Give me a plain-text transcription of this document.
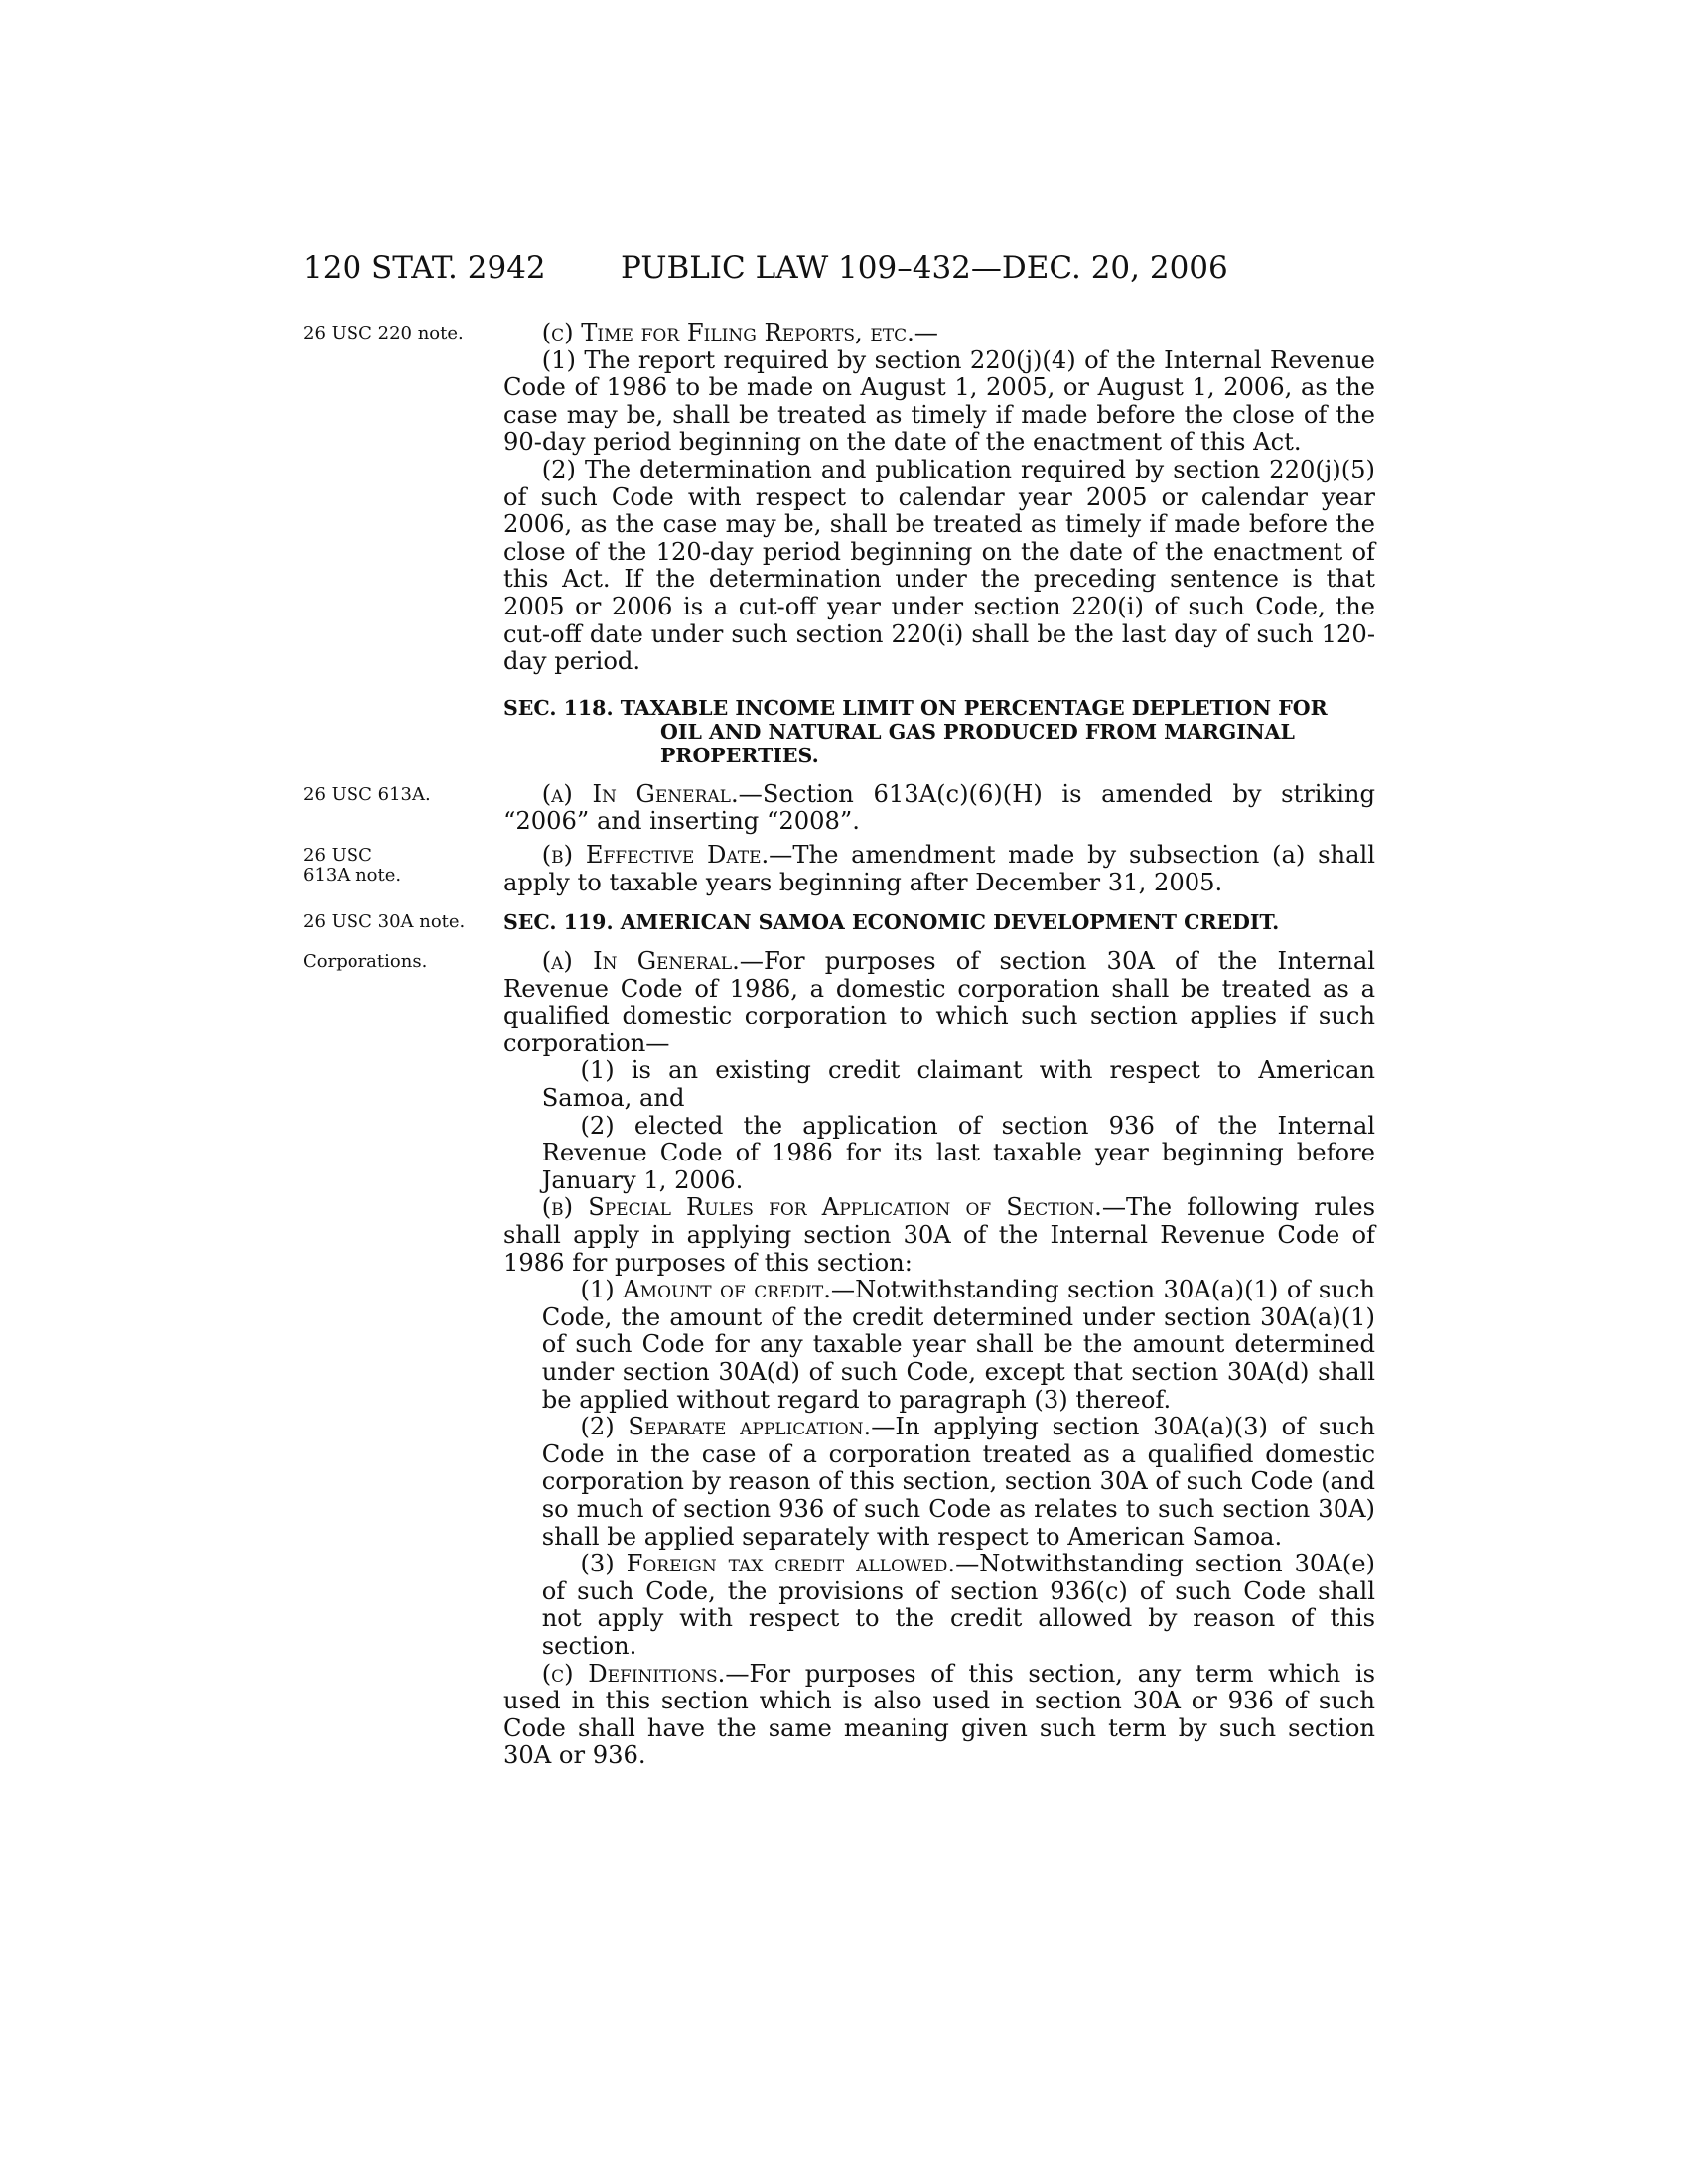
120 STAT. 2942 PUBLIC LAW 109–432—DEC. 20, 2006
26 USC 220 note.	(c) Time for Filing Reports, etc.—

(1) The report required by section 220(j)(4) of the Internal Revenue Code of 1986 to be made on August 1, 2005, or August 1, 2006, as the case may be, shall be treated as timely if made before the close of the 90-day period beginning on the date of the enactment of this Act.

(2) The determination and publication required by section 220(j)(5) of such Code with respect to calendar year 2005 or calendar year 2006, as the case may be, shall be treated as timely if made before the close of the 120-day period beginning on the date of the enactment of this Act. If the determination under the preceding sentence is that 2005 or 2006 is a cut-off year under section 220(i) of such Code, the cut-off date under such section 220(i) shall be the last day of such 120-day period.

SEC. 118. TAXABLE INCOME LIMIT ON PERCENTAGE DEPLETION FOR OIL AND NATURAL GAS PRODUCED FROM MARGINAL PROPERTIES.

26 USC 613A.	(a) In General.—Section 613A(c)(6)(H) is amended by striking “2006” and inserting “2008”.

26 USC 613A note.

(b) Effective Date.—The amendment made by subsection (a) shall apply to taxable years beginning after December 31, 2005.

26 USC 30A note.	SEC. 119. AMERICAN SAMOA ECONOMIC DEVELOPMENT CREDIT.

Corporations.	(a) In General.—For purposes of section 30A of the Internal Revenue Code of 1986, a domestic corporation shall be treated as a qualified domestic corporation to which such section applies if such corporation—

(1) is an existing credit claimant with respect to American Samoa, and

(2) elected the application of section 936 of the Internal Revenue Code of 1986 for its last taxable year beginning before January 1, 2006.

(b) Special Rules for Application of Section.—The following rules shall apply in applying section 30A of the Internal Revenue Code of 1986 for purposes of this section:

(1) Amount of credit.—Notwithstanding section 30A(a)(1) of such Code, the amount of the credit determined under section 30A(a)(1) of such Code for any taxable year shall be the amount determined under section 30A(d) of such Code, except that section 30A(d) shall be applied without regard to paragraph (3) thereof.

(2) Separate application.—In applying section 30A(a)(3) of such Code in the case of a corporation treated as a qualified domestic corporation by reason of this section, section 30A of such Code (and so much of section 936 of such Code as relates to such section 30A) shall be applied separately with respect to American Samoa.

(3) Foreign tax credit allowed.—Notwithstanding section 30A(e) of such Code, the provisions of section 936(c) of such Code shall not apply with respect to the credit allowed by reason of this section.

(c) Definitions.—For purposes of this section, any term which is used in this section which is also used in section 30A or 936 of such Code shall have the same meaning given such term by such section 30A or 936.
